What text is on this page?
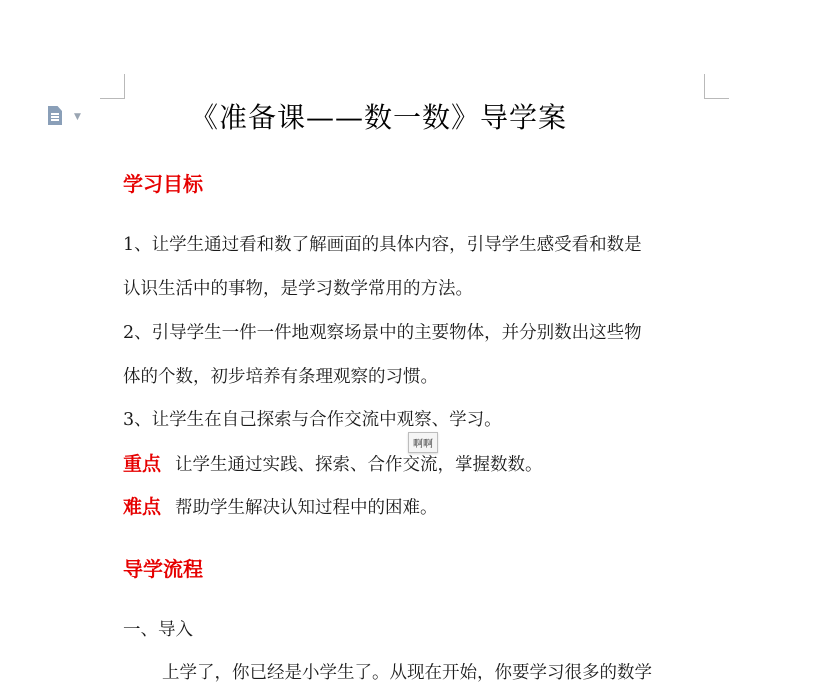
▼	《准备课——数一数》导学案
学习目标
1、让学生通过看和数了解画面的具体内容，引导学生感受看和数是
认识生活中的事物，是学习数学常用的方法。
2、引导学生一件一件地观察场景中的主要物体，并分别数出这些物
体的个数，初步培养有条理观察的习惯。
3、让学生在自己探索与合作交流中观察、学习。
重点 让学生通过实践、探索、合作交流，掌握数数。
难点 帮助学生解决认知过程中的困难。
啊啊
导学流程
一、导入
上学了，你已经是小学生了。从现在开始，你要学习很多的数学
